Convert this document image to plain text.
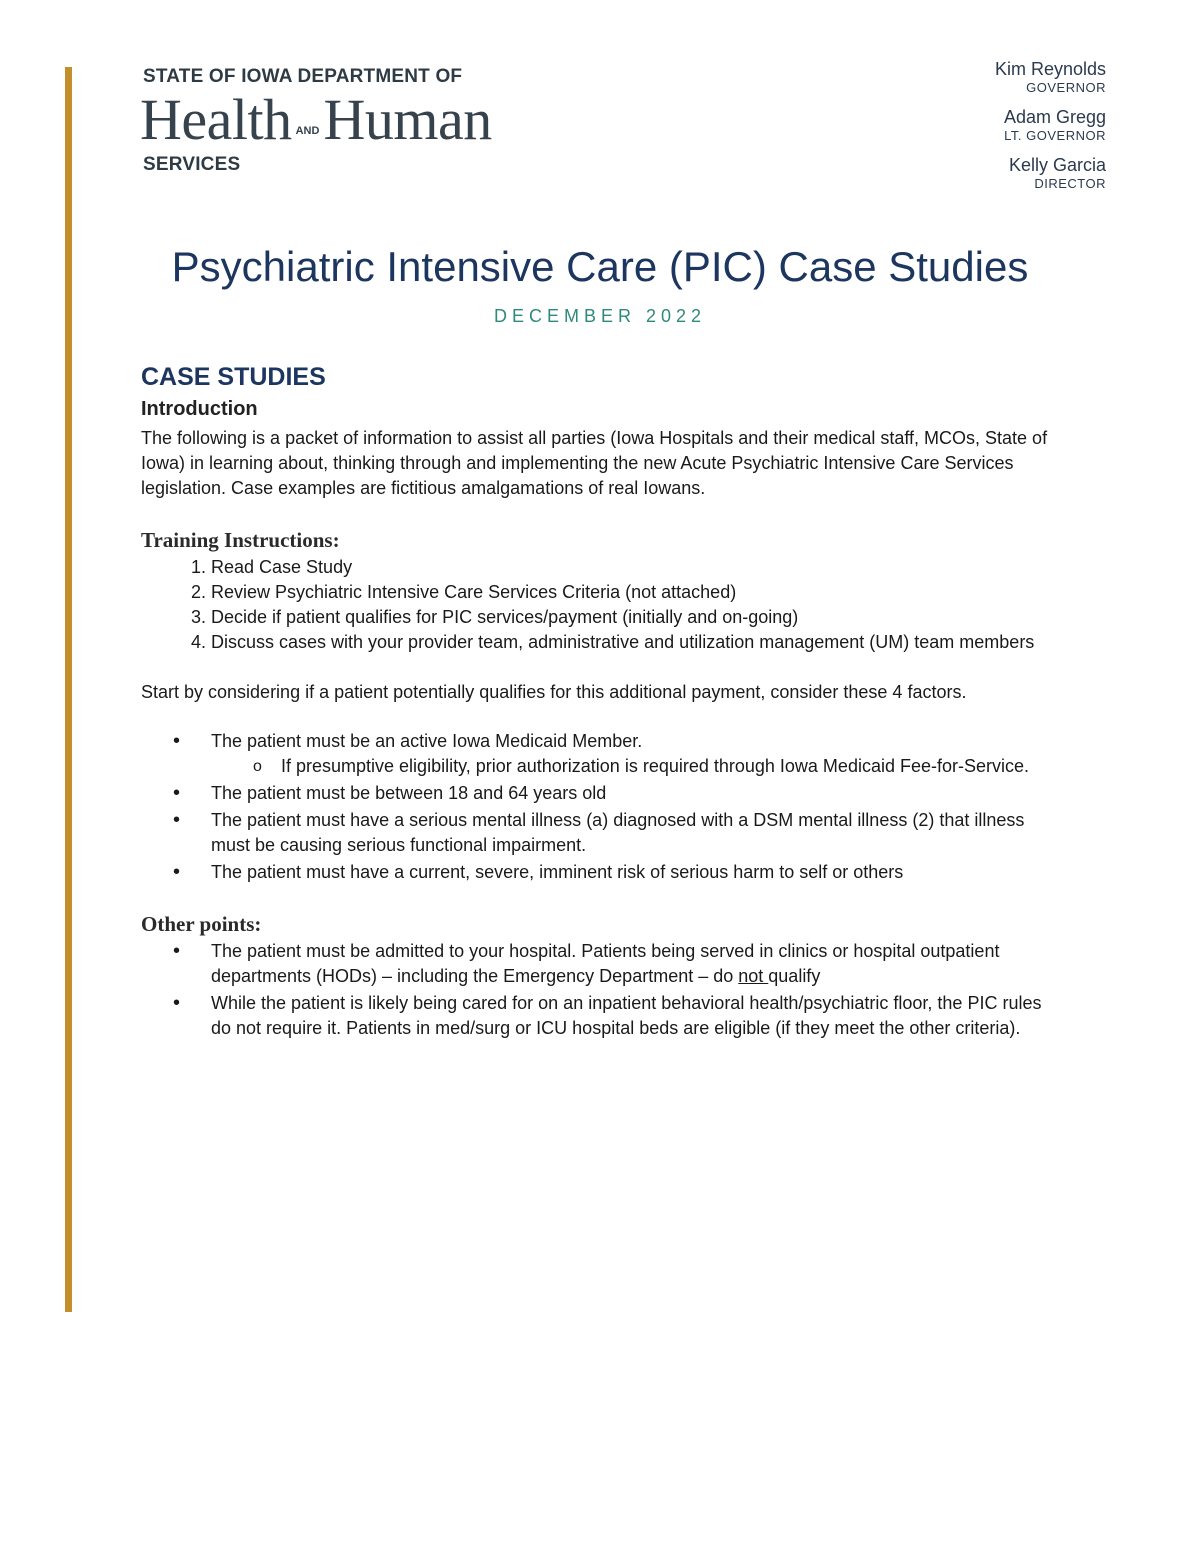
STATE OF IOWA DEPARTMENT OF
Health $^{AND}$Human
SERVICES
Kim Reynolds
GOVERNOR
Adam Gregg
LT. GOVERNOR
Kelly Garcia
DIRECTOR
Psychiatric Intensive Care (PIC) Case Studies
DECEMBER 2022
CASE STUDIES
Introduction

The following is a packet of information to assist all parties (Iowa Hospitals and their medical staff, MCOs, State of Iowa) in learning about, thinking through and implementing the new Acute Psychiatric Intensive Care Services legislation. Case examples are fictitious amalgamations of real Iowans.

Training Instructions:
1. Read Case Study
2. Review Psychiatric Intensive Care Services Criteria (not attached)
3. Decide if patient qualifies for PIC services/payment (initially and on-going)
4. Discuss cases with your provider team, administrative and utilization management (UM) team members

Start by considering if a patient potentially qualifies for this additional payment, consider these 4 factors.

• The patient must be an active Iowa Medicaid Member.
o If presumptive eligibility, prior authorization is required through Iowa Medicaid Fee-for-Service.
• The patient must be between 18 and 64 years old
• The patient must have a serious mental illness (a) diagnosed with a DSM mental illness (2) that illness must be causing serious functional impairment.
• The patient must have a current, severe, imminent risk of serious harm to self or others
Other points:
• The patient must be admitted to your hospital. Patients being served in clinics or hospital outpatient departments (HODs) – including the Emergency Department – do not qualify
• While the patient is likely being cared for on an inpatient behavioral health/psychiatric floor, the PIC rules do not require it. Patients in med/surg or ICU hospital beds are eligible (if they meet the other criteria).
